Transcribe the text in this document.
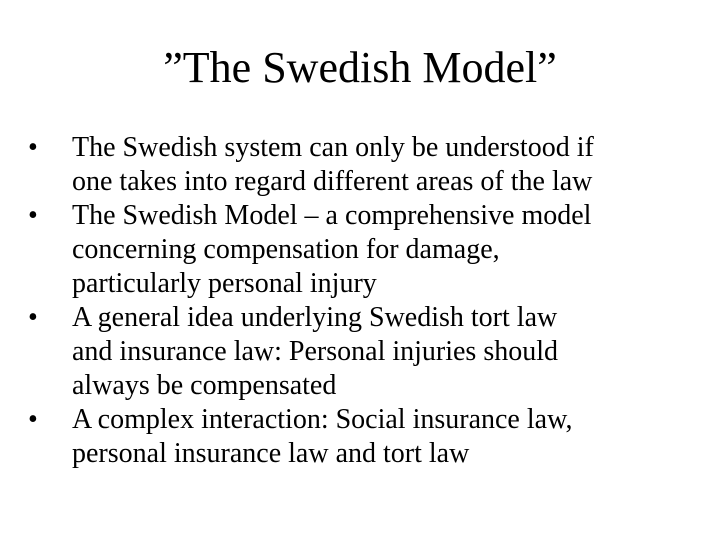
”The Swedish Model”
•	The Swedish system can only be understood if
one takes into regard different areas of the law
•	The Swedish Model – a comprehensive model
concerning compensation for damage,
particularly personal injury
•	A general idea underlying Swedish tort law
and insurance law: Personal injuries should
always be compensated
•	A complex interaction: Social insurance law,
personal insurance law and tort law
